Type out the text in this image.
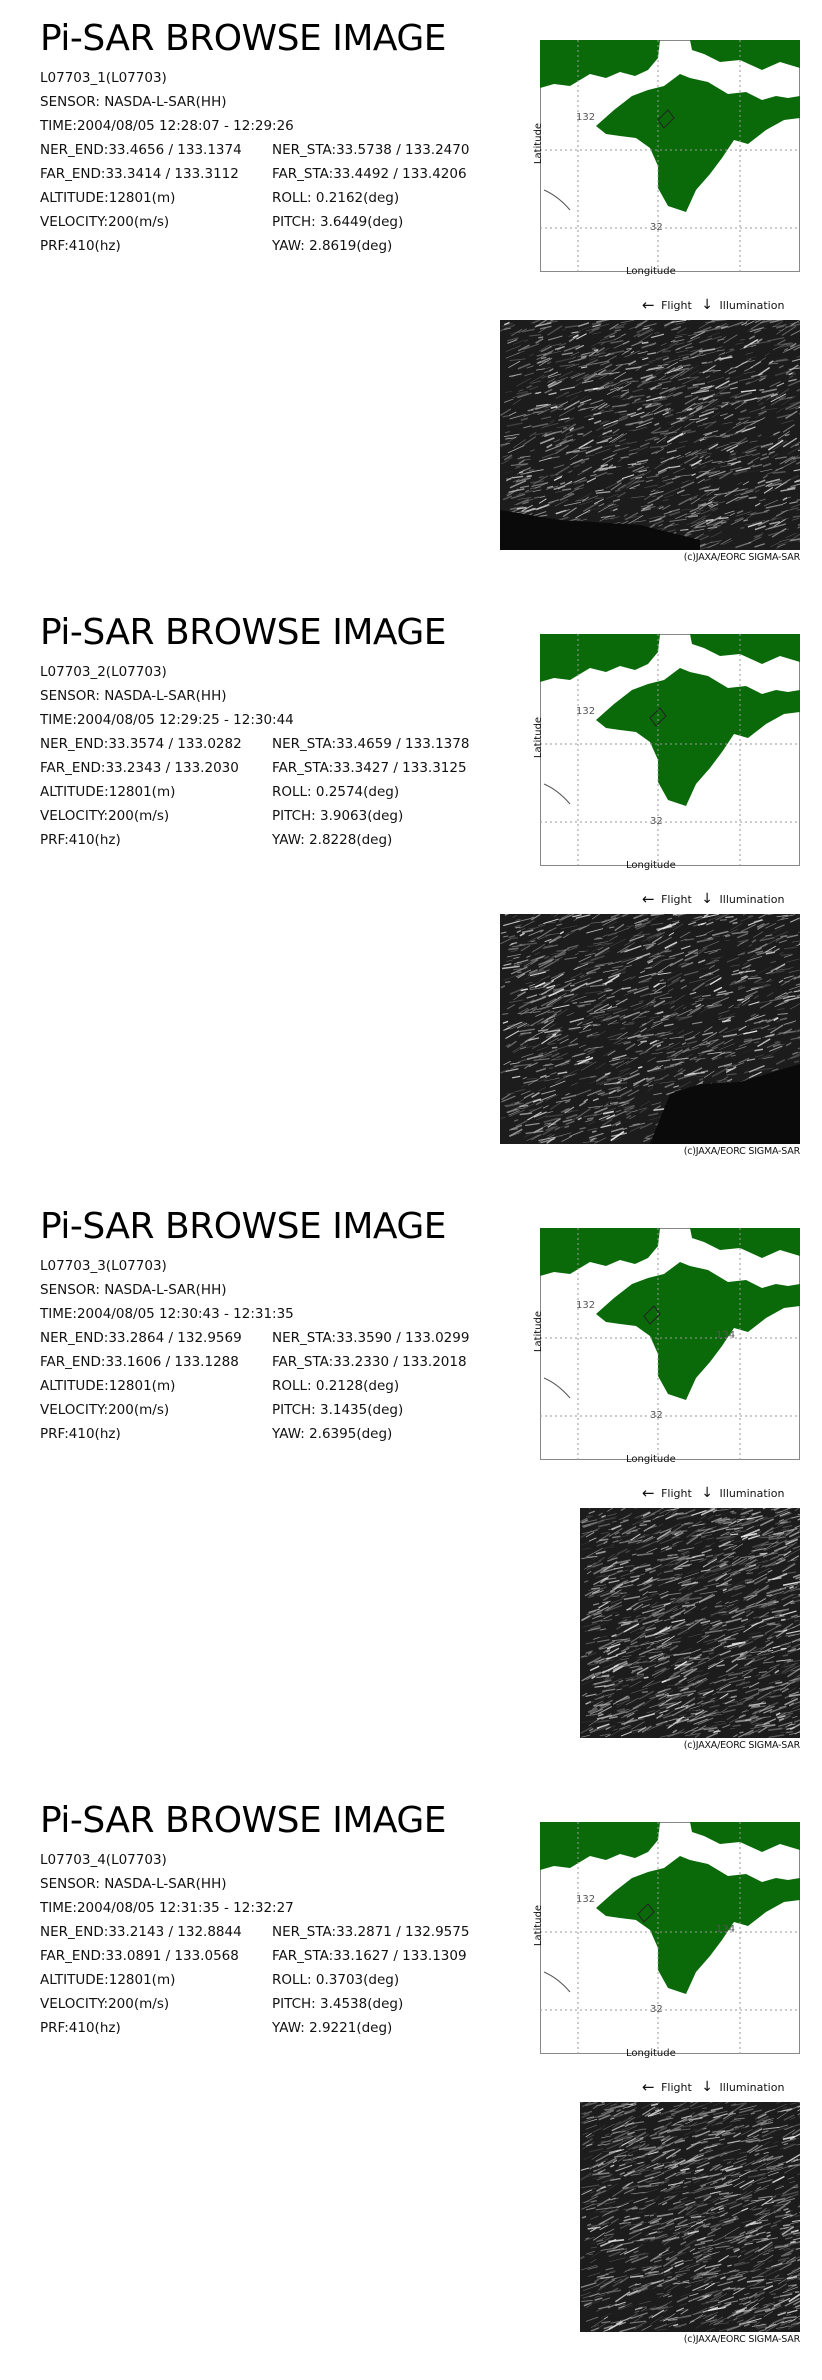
Pi-SAR BROWSE IMAGE
L07703_1(L07703)
SENSOR: NASDA-L-SAR(HH)
TIME:2004/08/05 12:28:07 - 12:29:26
NER_END:33.4656 / 133.1374
FAR_END:33.3414 / 133.3112
ALTITUDE:12801(m)
VELOCITY:200(m/s)
PRF:410(hz)
NER_STA:33.5738 / 133.2470
FAR_STA:33.4492 / 133.4206
ROLL: 0.2162(deg)
PITCH: 3.6449(deg)
YAW: 2.8619(deg)
132
32
Latitude
Longitude
← Flight ↓ Illumination
(c)JAXA/EORC SIGMA-SAR
Pi-SAR BROWSE IMAGE
L07703_2(L07703)
SENSOR: NASDA-L-SAR(HH)
TIME:2004/08/05 12:29:25 - 12:30:44
NER_END:33.3574 / 133.0282
FAR_END:33.2343 / 133.2030
ALTITUDE:12801(m)
VELOCITY:200(m/s)
PRF:410(hz)
NER_STA:33.4659 / 133.1378
FAR_STA:33.3427 / 133.3125
ROLL: 0.2574(deg)
PITCH: 3.9063(deg)
YAW: 2.8228(deg)
132
32
Latitude
Longitude
← Flight ↓ Illumination
(c)JAXA/EORC SIGMA-SAR
Pi-SAR BROWSE IMAGE
L07703_3(L07703)
SENSOR: NASDA-L-SAR(HH)
TIME:2004/08/05 12:30:43 - 12:31:35
NER_END:33.2864 / 132.9569
FAR_END:33.1606 / 133.1288
ALTITUDE:12801(m)
VELOCITY:200(m/s)
PRF:410(hz)
NER_STA:33.3590 / 133.0299
FAR_STA:33.2330 / 133.2018
ROLL: 0.2128(deg)
PITCH: 3.1435(deg)
YAW: 2.6395(deg)
132
134
32
Latitude
Longitude
← Flight ↓ Illumination
(c)JAXA/EORC SIGMA-SAR
Pi-SAR BROWSE IMAGE
L07703_4(L07703)
SENSOR: NASDA-L-SAR(HH)
TIME:2004/08/05 12:31:35 - 12:32:27
NER_END:33.2143 / 132.8844
FAR_END:33.0891 / 133.0568
ALTITUDE:12801(m)
VELOCITY:200(m/s)
PRF:410(hz)
NER_STA:33.2871 / 132.9575
FAR_STA:33.1627 / 133.1309
ROLL: 0.3703(deg)
PITCH: 3.4538(deg)
YAW: 2.9221(deg)
132
134
32
Latitude
Longitude
← Flight ↓ Illumination
(c)JAXA/EORC SIGMA-SAR
